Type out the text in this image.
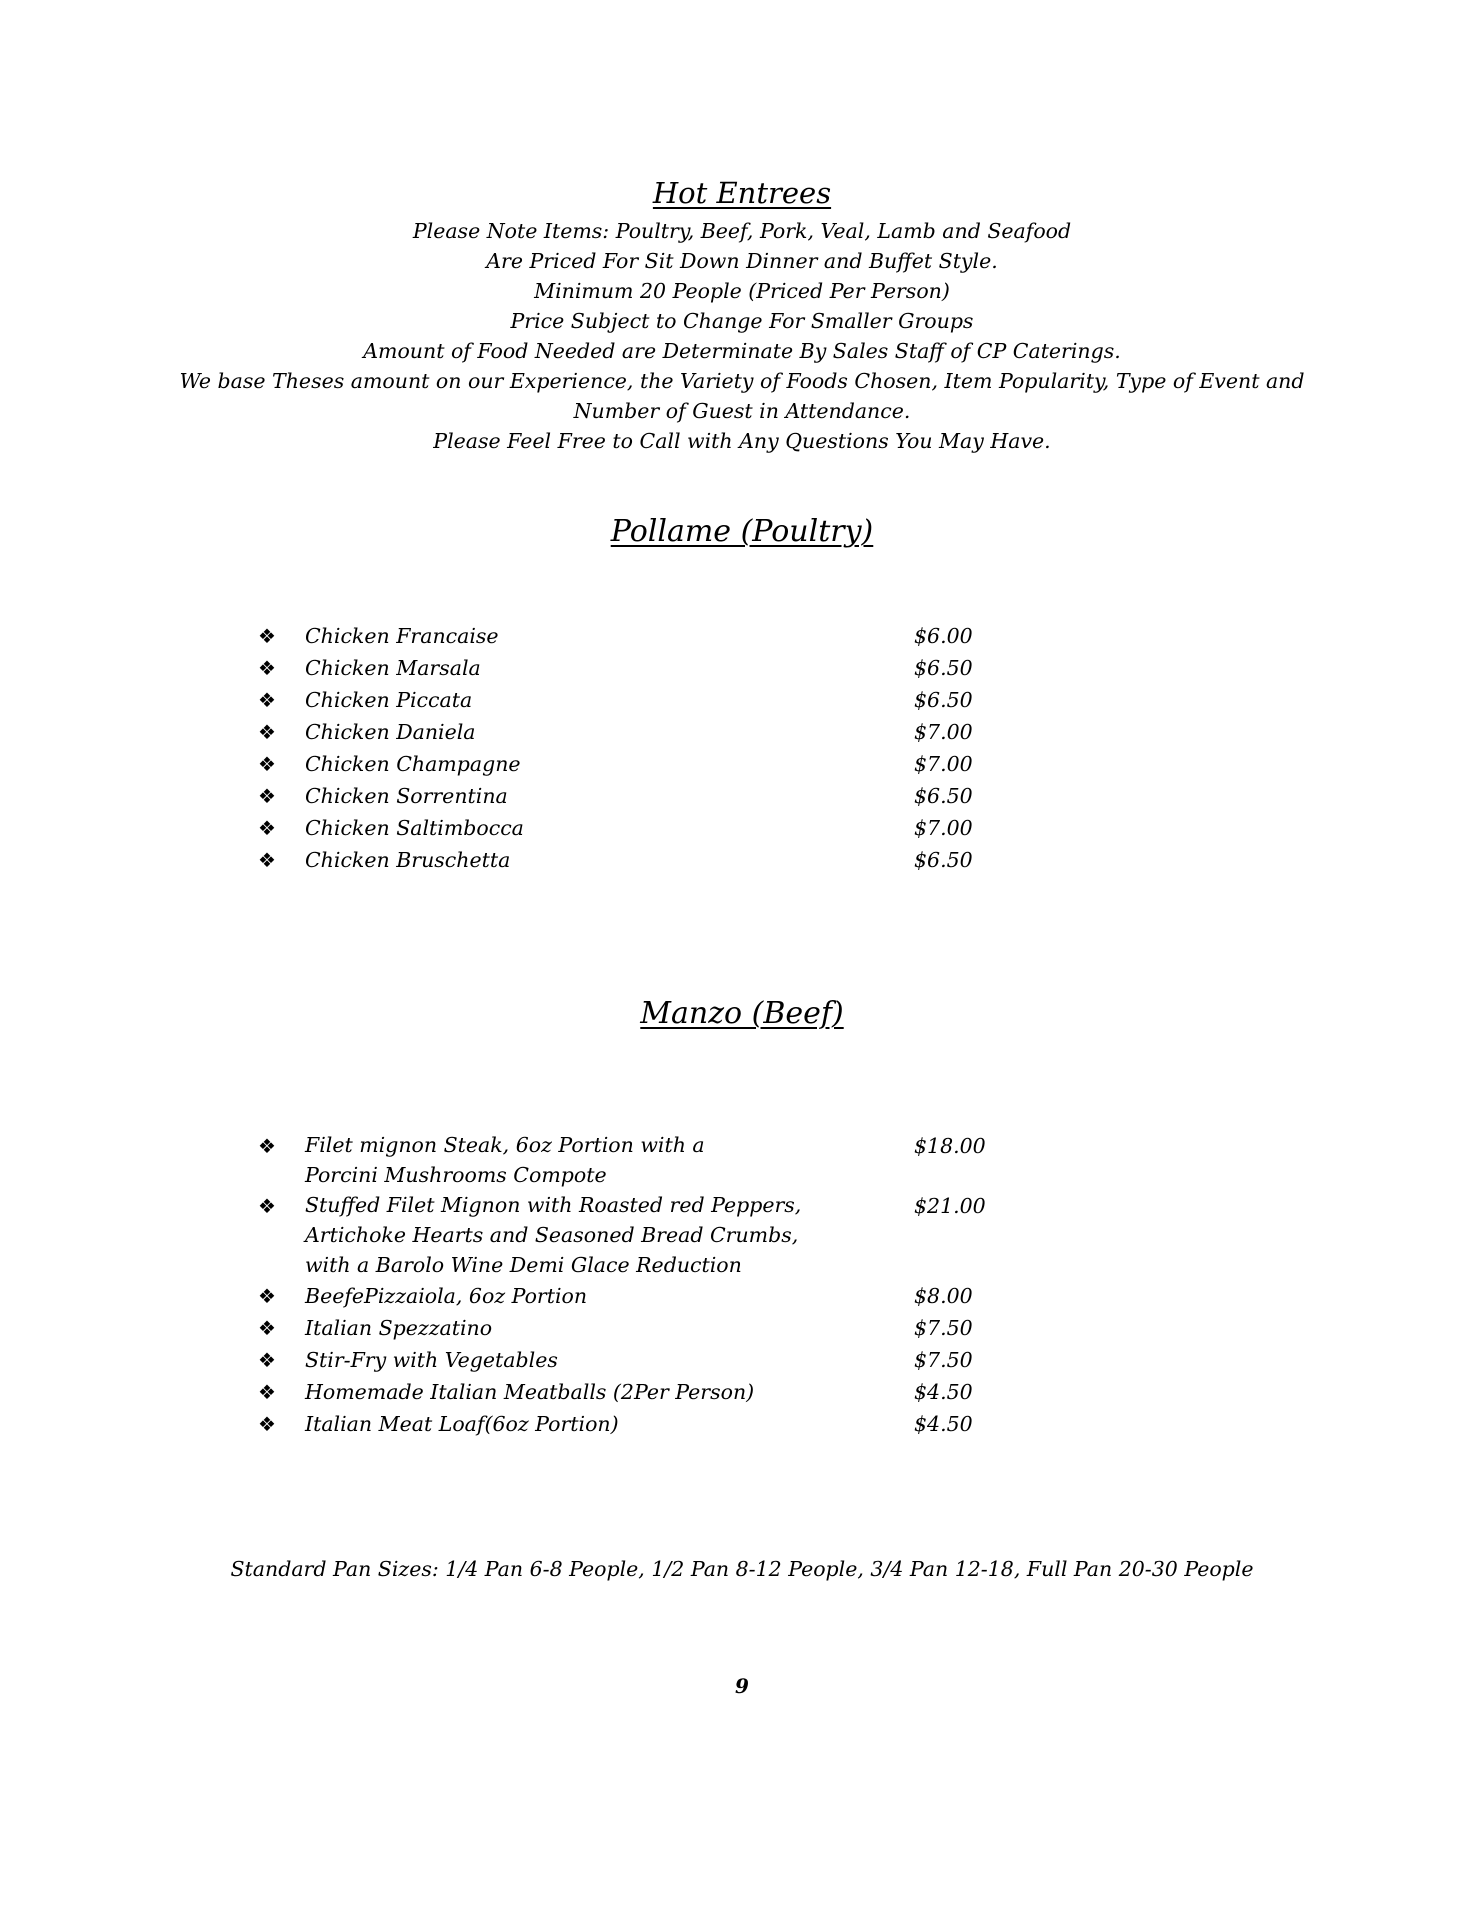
Hot Entrees
Please Note Items: Poultry, Beef, Pork, Veal, Lamb and Seafood
Are Priced For Sit Down Dinner and Buffet Style.
Minimum 20 People (Priced Per Person)
Price Subject to Change For Smaller Groups
Amount of Food Needed are Determinate By Sales Staff of CP Caterings.
We base Theses amount on our Experience, the Variety of Foods Chosen, Item Popularity, Type of Event and
Number of Guest in Attendance.
Please Feel Free to Call with Any Questions You May Have.
Pollame (Poultry)
❖ Chicken Francaise	$6.00
❖ Chicken Marsala	$6.50
❖ Chicken Piccata	$6.50
❖ Chicken Daniela	$7.00
❖ Chicken Champagne	$7.00
❖ Chicken Sorrentina	$6.50
❖ Chicken Saltimbocca	$7.00
❖ Chicken Bruschetta	$6.50
Manzo (Beef)
❖ Filet mignon Steak, 6oz Portion with a
Porcini Mushrooms Compote
$18.00
❖ Stuffed Filet Mignon with Roasted red Peppers,
Artichoke Hearts and Seasoned Bread Crumbs,
with a Barolo Wine Demi Glace Reduction
$21.00
❖ BeefePizzaiola, 6oz Portion	$8.00
❖ Italian Spezzatino	$7.50
❖ Stir-Fry with Vegetables	$7.50
❖ Homemade Italian Meatballs (2Per Person)	$4.50
❖ Italian Meat Loaf(6oz Portion)	$4.50
Standard Pan Sizes: 1/4 Pan 6-8 People, 1/2 Pan 8-12 People, 3/4 Pan 12-18, Full Pan 20-30 People
9
